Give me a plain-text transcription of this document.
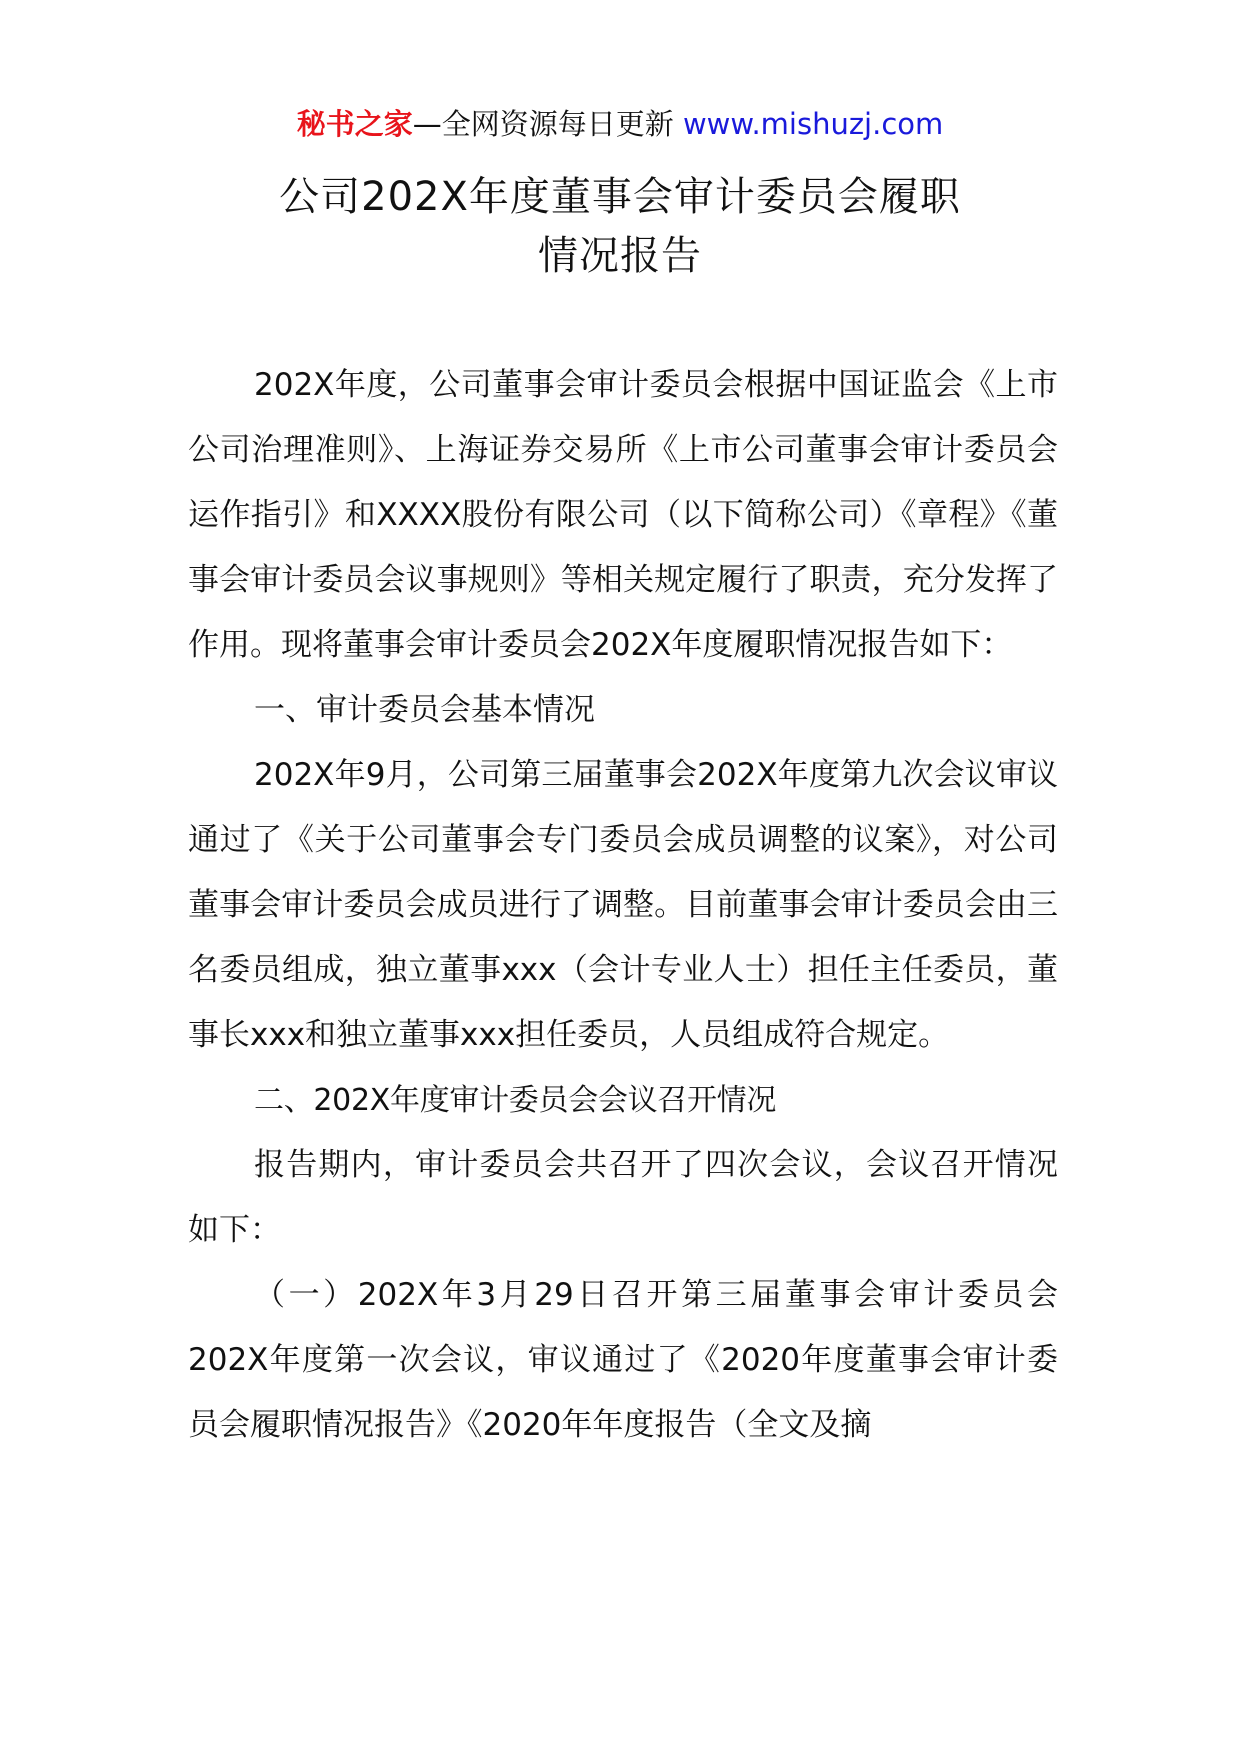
秘书之家—全网资源每日更新 www.mishuzj.com
公司202X年度董事会审计委员会履职
情况报告

202X年度，公司董事会审计委员会根据中国证监会《上市公司治理准则》、上海证券交易所《上市公司董事会审计委员会运作指引》和XXXX股份有限公司（以下简称公司）《章程》《董事会审计委员会议事规则》等相关规定履行了职责，充分发挥了作用。现将董事会审计委员会202X年度履职情况报告如下：

一、审计委员会基本情况

202X年9月，公司第三届董事会202X年度第九次会议审议通过了《关于公司董事会专门委员会成员调整的议案》，对公司董事会审计委员会成员进行了调整。目前董事会审计委员会由三名委员组成，独立董事xxx（会计专业人士）担任主任委员，董事长xxx和独立董事xxx担任委员，人员组成符合规定。

二、202X年度审计委员会会议召开情况

报告期内，审计委员会共召开了四次会议，会议召开情况如下：

（一）202X年3月29日召开第三届董事会审计委员会202X年度第一次会议，审议通过了《2020年度董事会审计委员会履职情况报告》《2020年年度报告（全文及摘
